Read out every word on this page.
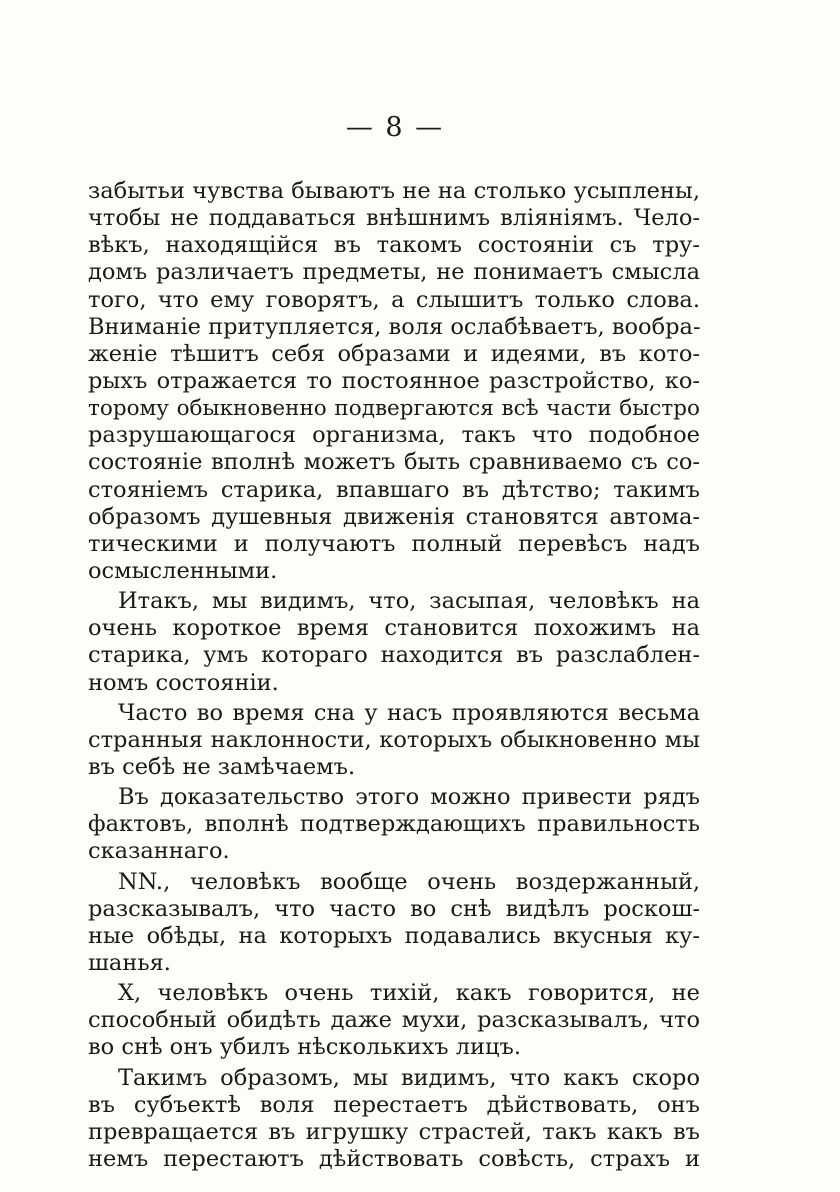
— 8 —
забытьи чувства бываютъ не на столько усыплены,
чтобы не поддаваться внѣшнимъ вліяніямъ. Чело-
вѣкъ, находящійся въ такомъ состояніи съ тру-
домъ различаетъ предметы, не понимаетъ смысла
того, что ему говорятъ, а слышитъ только слова.
Вниманіе притупляется, воля ослабѣваетъ, вообра-
женіе тѣшитъ себя образами и идеями, въ кото-
рыхъ отражается то постоянное разстройство, ко-
торому обыкновенно подвергаются всѣ части быстро
разрушающагося организма, такъ что подобное
состояніе вполнѣ можетъ быть сравниваемо съ со-
стояніемъ старика, впавшаго въ дѣтство; такимъ
образомъ душевныя движенія становятся автома-
тическими и получаютъ полный перевѣсъ надъ
осмысленными.
Итакъ, мы видимъ, что, засыпая, человѣкъ на
очень короткое время становится похожимъ на
старика, умъ котораго находится въ разслаблен-
номъ состояніи.
Часто во время сна у насъ проявляются весьма
странныя наклонности, которыхъ обыкновенно мы
въ себѣ не замѣчаемъ.
Въ доказательство этого можно привести рядъ
фактовъ, вполнѣ подтверждающихъ правильность
сказаннаго.
NN., человѣкъ вообще очень воздержанный,
разсказывалъ, что часто во снѣ видѣлъ роскош-
ные обѣды, на которыхъ подавались вкусныя ку-
шанья.
X, человѣкъ очень тихій, какъ говорится, не
способный обидѣть даже мухи, разсказывалъ, что
во снѣ онъ убилъ нѣсколькихъ лицъ.
Такимъ образомъ, мы видимъ, что какъ скоро
въ субъектѣ воля перестаетъ дѣйствовать, онъ
превращается въ игрушку страстей, такъ какъ въ
немъ перестаютъ дѣйствовать совѣсть, страхъ и
